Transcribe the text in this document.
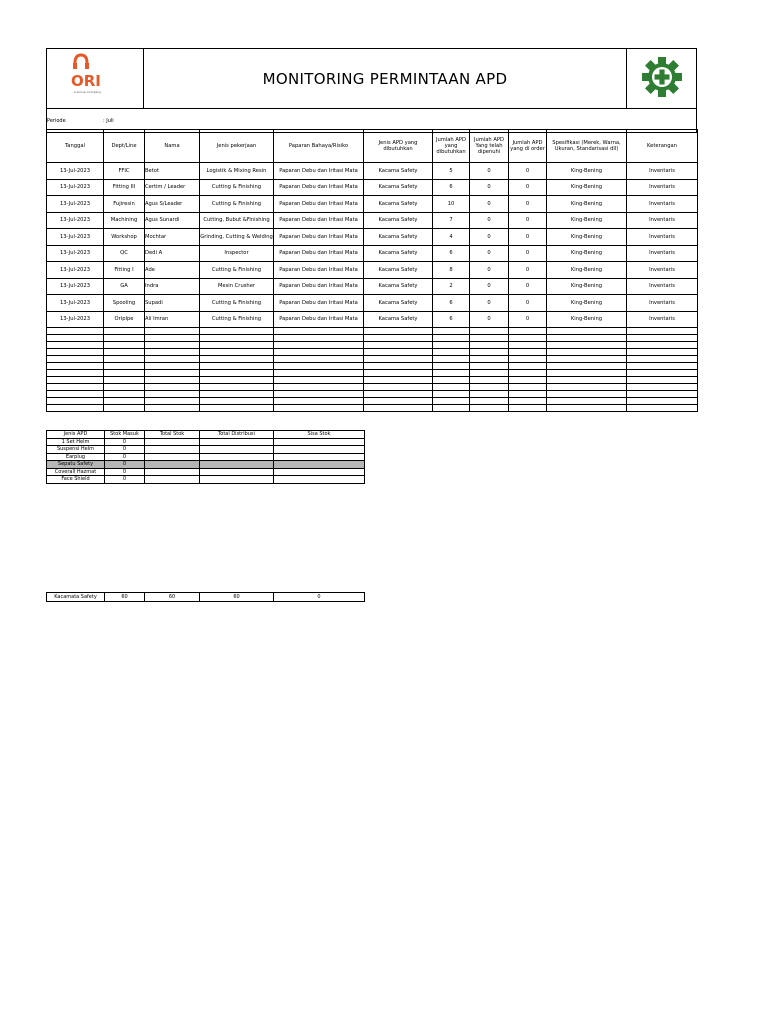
ORI
a Group Company
	MONITORING PERMINTAAN APD	
Periode	: Juli
Tanggal	Dept/Line	Nama	Jenis pekerjaan	Paparan Bahaya/Risiko	Jenis APD yang dibutuhkan	Jumlah APD yang dibutuhkan	Jumlah APD Yang telah dipenuhi	Jumlah APD yang di order	Spesifikasi (Merek, Warna, Ukuran, Standarisasi dll)	Keterangan
13-Jul-2023	FFIC	Betot	Logistik & Mixing Resin	Paparan Debu dan Iritasi Mata	Kacama Safety	5	0	0	King-Bening	Inventaris
13-Jul-2023	Fitting III	Certim / Leader	Cutting & Finishing	Paparan Debu dan Iritasi Mata	Kacama Safety	6	0	0	King-Bening	Inventaris
13-Jul-2023	Fujiresin	Agus S/Leader	Cutting & Finishing	Paparan Debu dan Iritasi Mata	Kacama Safety	10	0	0	King-Bening	Inventaris
13-Jul-2023	Machining	Agus Sunardi	Cutting, Bubut &Finishing	Paparan Debu dan Iritasi Mata	Kacama Safety	7	0	0	King-Bening	Inventaris
13-Jul-2023	Workshop	Mochtar	Grinding, Cutting & Welding	Paparan Debu dan Iritasi Mata	Kacama Safety	4	0	0	King-Bening	Inventaris
13-Jul-2023	QC	Dedi A	Inspector	Paparan Debu dan Iritasi Mata	Kacama Safety	6	0	0	King-Bening	Inventaris
13-Jul-2023	Fitting I	Ade	Cutting & Finishing	Paparan Debu dan Iritasi Mata	Kacama Safety	8	0	0	King-Bening	Inventaris
13-Jul-2023	GA	Indra	Mesin Crusher	Paparan Debu dan Iritasi Mata	Kacama Safety	2	0	0	King-Bening	Inventaris
13-Jul-2023	Spooling	Supadi	Cutting & Finishing	Paparan Debu dan Iritasi Mata	Kacama Safety	6	0	0	King-Bening	Inventaris
13-Jul-2023	Oriplpe	Ali Imran	Cutting & Finishing	Paparan Debu dan Iritasi Mata	Kacama Safety	6	0	0	King-Bening	Inventaris

Jenis APD	Stok Masuk	Total Stok	Total Distribusi	Sisa Stok
1 Set Helm	0			
Suspensi Helm	0			
Earplug	0			
Sepatu Safety	0			
Coverall Hazmat	0			
Face Shield	0			
Kacamata Safety	60	60	60	0
